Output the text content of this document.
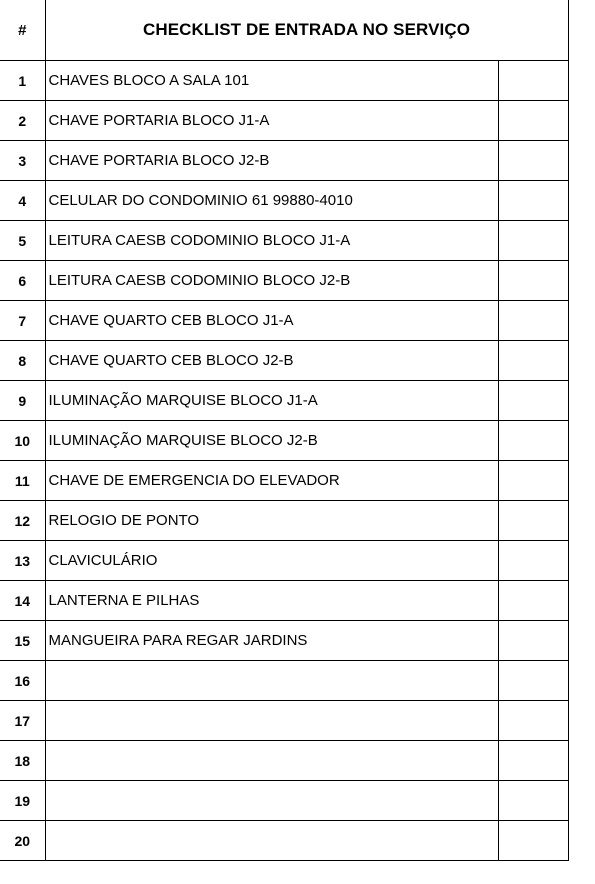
#	CHECKLIST DE ENTRADA NO SERVIÇO	
1	CHAVES BLOCO A SALA 101	
2	CHAVE PORTARIA BLOCO J1-A	
3	CHAVE PORTARIA BLOCO J2-B	
4	CELULAR DO CONDOMINIO 61 99880-4010	
5	LEITURA CAESB CODOMINIO BLOCO J1-A	
6	LEITURA CAESB CODOMINIO BLOCO J2-B	
7	CHAVE QUARTO CEB BLOCO J1-A	
8	CHAVE QUARTO CEB BLOCO J2-B	
9	ILUMINAÇÃO MARQUISE BLOCO J1-A	
10	ILUMINAÇÃO MARQUISE BLOCO J2-B	
11	CHAVE DE EMERGENCIA DO ELEVADOR	
12	RELOGIO DE PONTO	
13	CLAVICULÁRIO	
14	LANTERNA E PILHAS	
15	MANGUEIRA PARA REGAR JARDINS	
16		
17		
18		
19		
20		
